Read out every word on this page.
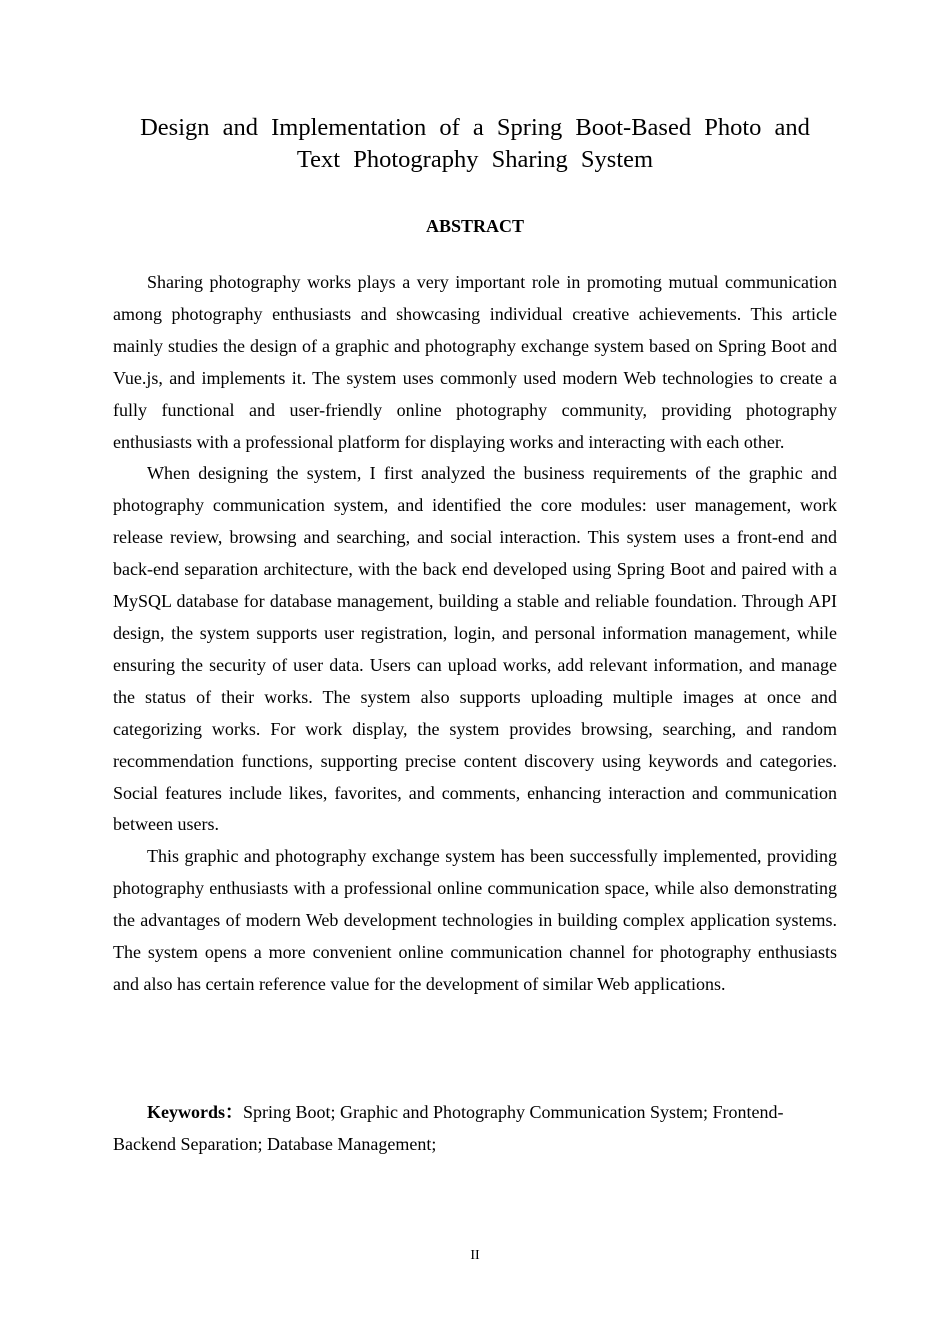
Design and Implementation of a Spring Boot-Based Photo and
Text Photography Sharing System
ABSTRACT

Sharing photography works plays a very important role in promoting mutual communication among photography enthusiasts and showcasing individual creative achievements. This article mainly studies the design of a graphic and photography exchange system based on Spring Boot and Vue.js, and implements it. The system uses commonly used modern Web technologies to create a fully functional and user-friendly online photography community, providing photography enthusiasts with a professional platform for displaying works and interacting with each other.

When designing the system, I first analyzed the business requirements of the graphic and photography communication system, and identified the core modules: user management, work release review, browsing and searching, and social interaction. This system uses a front-end and back-end separation architecture, with the back end developed using Spring Boot and paired with a MySQL database for database management, building a stable and reliable foundation. Through API design, the system supports user registration, login, and personal information management, while ensuring the security of user data. Users can upload works, add relevant information, and manage the status of their works. The system also supports uploading multiple images at once and categorizing works. For work display, the system provides browsing, searching, and random recommendation functions, supporting precise content discovery using keywords and categories. Social features include likes, favorites, and comments, enhancing interaction and communication between users.

This graphic and photography exchange system has been successfully implemented, providing photography enthusiasts with a professional online communication space, while also demonstrating the advantages of modern Web development technologies in building complex application systems. The system opens a more convenient online communication channel for photography enthusiasts and also has certain reference value for the development of similar Web applications.

Keywords：Spring Boot; Graphic and Photography Communication System; Frontend-Backend Separation; Database Management;

II
